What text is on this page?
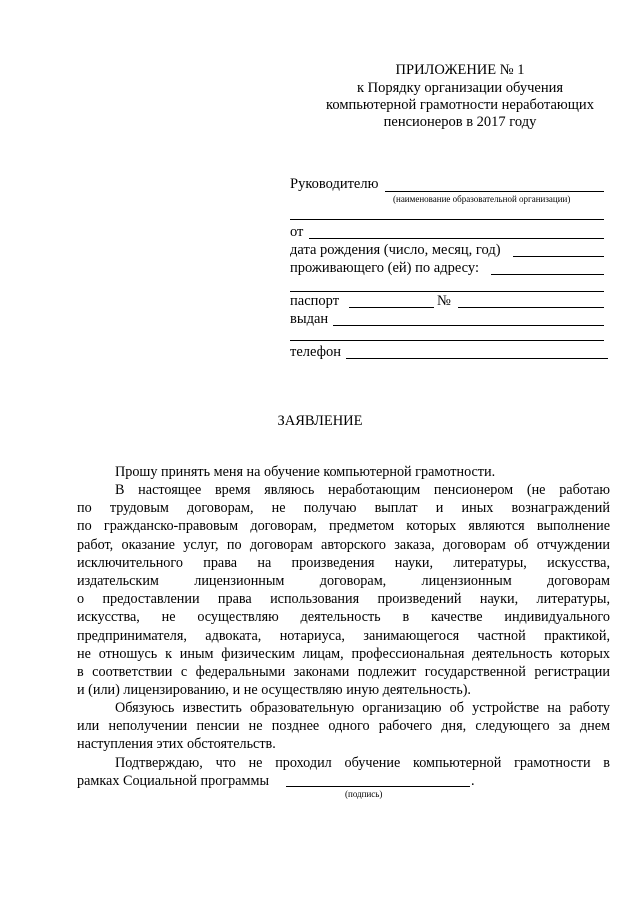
ПРИЛОЖЕНИЕ № 1
к Порядку организации обучения
компьютерной грамотности неработающих
пенсионеров в 2017 году
Руководителю
(наименование образовательной организации)
от
дата рождения (число, месяц, год)
проживающего (ей) по адресу:
паспорт	№
выдан
телефон
ЗАЯВЛЕНИЕ
Прошу принять меня на обучение компьютерной грамотности.
В настоящее время являюсь неработающим пенсионером (не работаю
по трудовым договорам, не получаю выплат и иных вознаграждений
по гражданско-правовым договорам, предметом которых являются выполнение
работ, оказание услуг, по договорам авторского заказа, договорам об отчуждении
исключительного права на произведения науки, литературы, искусства,
издательским лицензионным договорам, лицензионным договорам
о предоставлении права использования произведений науки, литературы,
искусства, не осуществляю деятельность в качестве индивидуального
предпринимателя, адвоката, нотариуса, занимающегося частной практикой,
не отношусь к иным физическим лицам, профессиональная деятельность которых
в соответствии с федеральными законами подлежит государственной регистрации
и (или) лицензированию, и не осуществляю иную деятельность).
Обязуюсь известить образовательную организацию об устройстве на работу
или неполучении пенсии не позднее одного рабочего дня, следующего за днем
наступления этих обстоятельств.
Подтверждаю, что не проходил обучение компьютерной грамотности в
рамках Социальной программы	.
(подпись)
